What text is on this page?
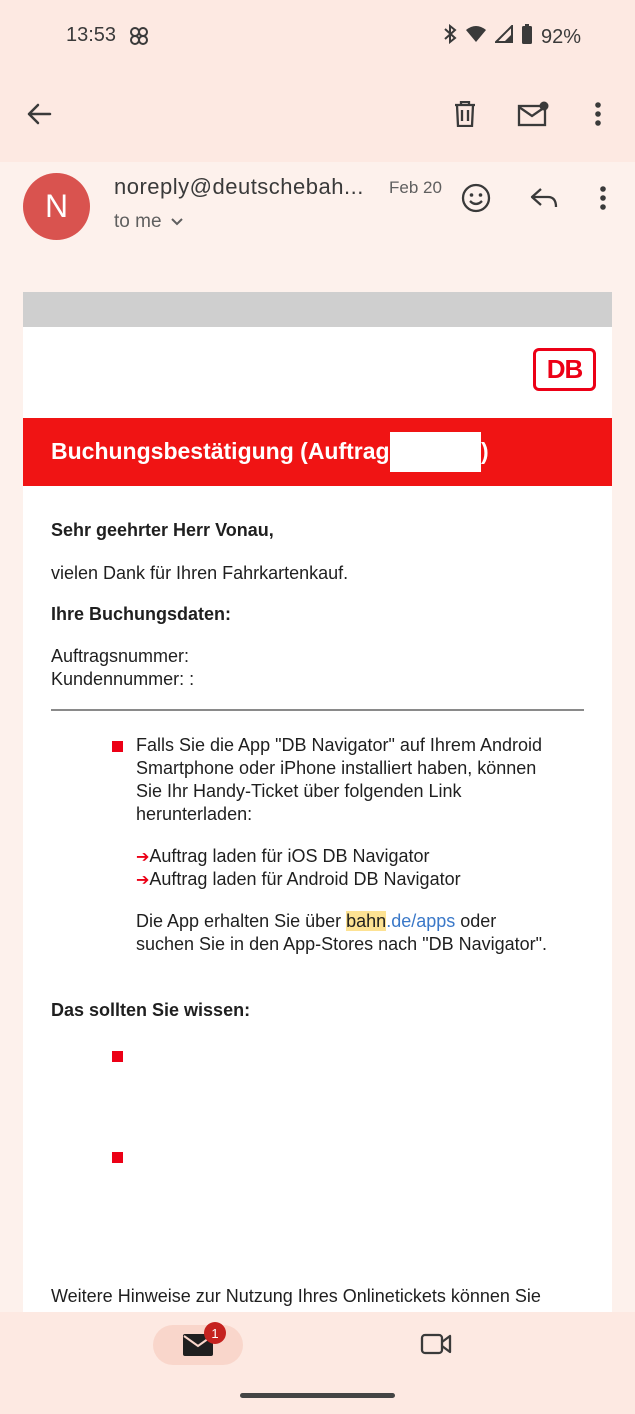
13:53	92%
N
noreply@deutschebah... Feb 20
to me
DB
Buchungsbestätigung (Auftrag	)
Sehr geehrter Herr Vonau,
vielen Dank für Ihren Fahrkartenkauf.
Ihre Buchungsdaten:
Auftragsnummer:
Kundennummer: :
Falls Sie die App "DB Navigator" auf Ihrem Android
Smartphone oder iPhone installiert haben, können
Sie Ihr Handy-Ticket über folgenden Link
herunterladen:
➔Auftrag laden für iOS DB Navigator
➔Auftrag laden für Android DB Navigator
Die App erhalten Sie über bahn.de/apps oder
suchen Sie in den App-Stores nach "DB Navigator".
Das sollten Sie wissen:
Weitere Hinweise zur Nutzung Ihres Onlinetickets können Sie
1
